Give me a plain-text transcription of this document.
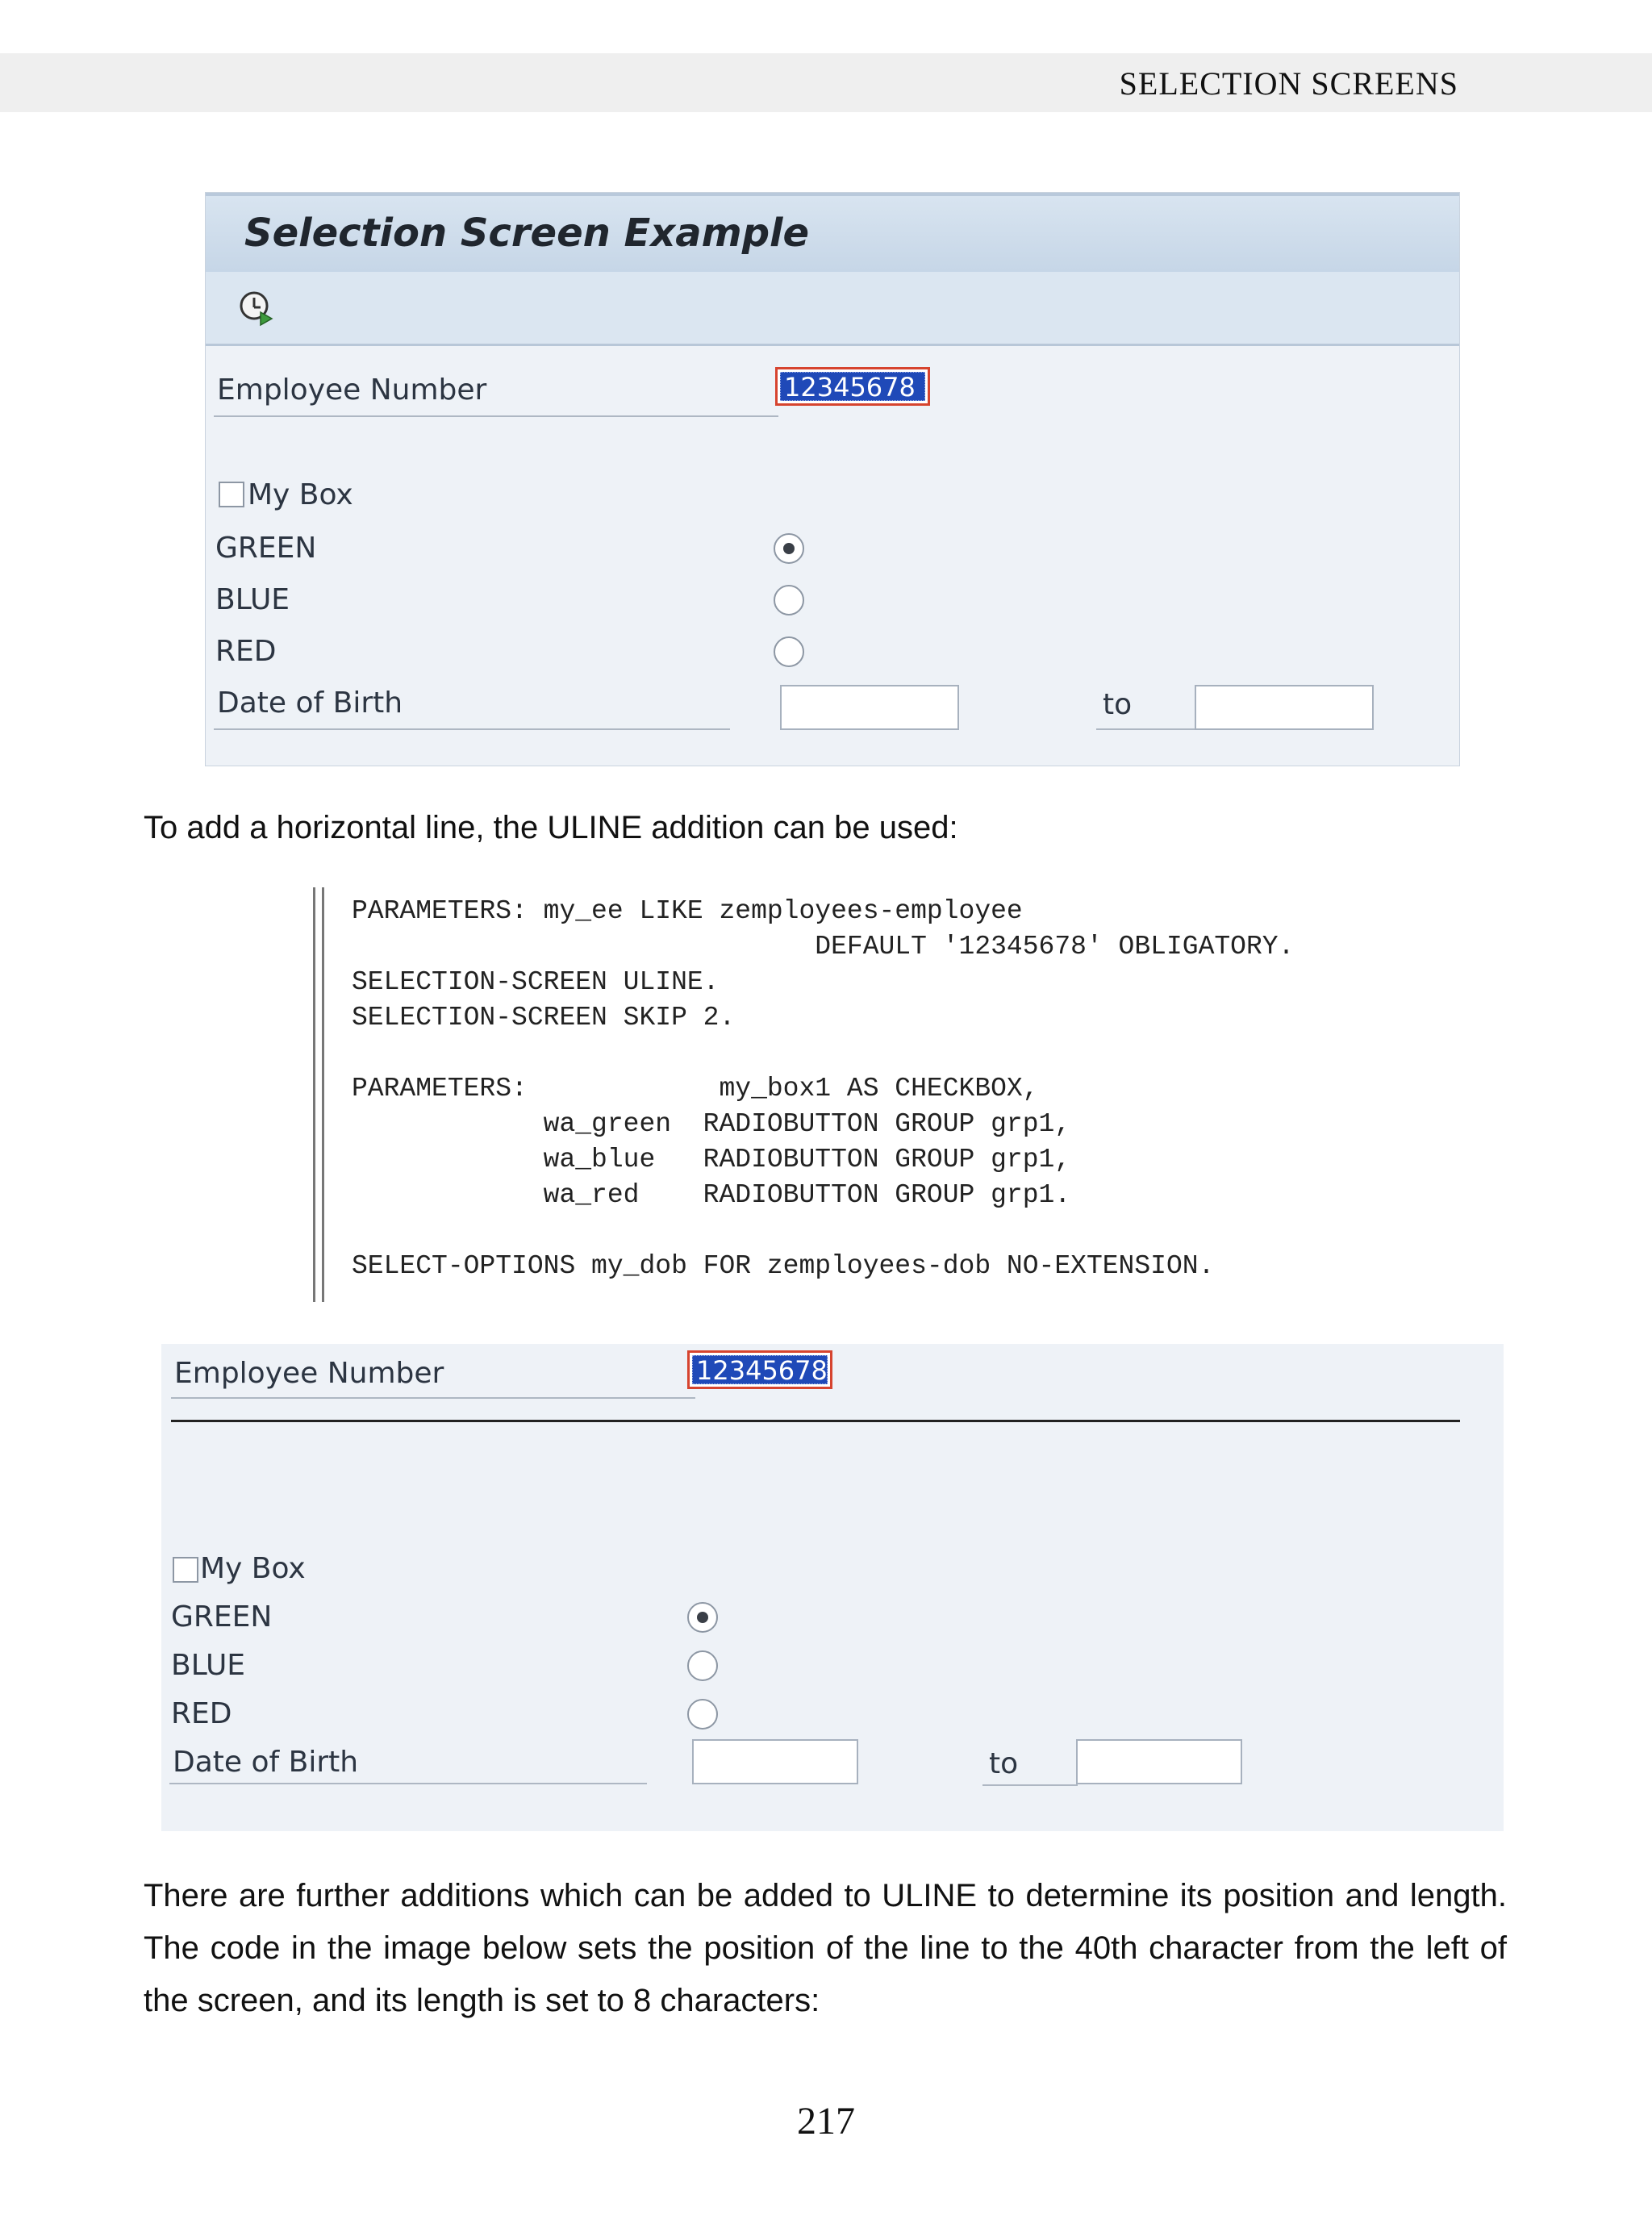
SELECTION SCREENS
Selection Screen Example
Employee Number	12345678
My Box
GREEN
BLUE
RED
Date of Birth	to
To add a horizontal line, the ULINE addition can be used:
PARAMETERS: my_ee LIKE zemployees-employee
DEFAULT '12345678' OBLIGATORY.
SELECTION-SCREEN ULINE.
SELECTION-SCREEN SKIP 2.

PARAMETERS:            my_box1 AS CHECKBOX,
wa_green  RADIOBUTTON GROUP grp1,
wa_blue   RADIOBUTTON GROUP grp1,
wa_red    RADIOBUTTON GROUP grp1.

SELECT-OPTIONS my_dob FOR zemployees-dob NO-EXTENSION.
Employee Number	12345678
My Box
GREEN
BLUE
RED
Date of Birth	to
There are further additions which can be added to ULINE to determine its position and length. The code in the image below sets the position of the line to the 40th character from the left of the screen, and its length is set to 8 characters:
217
